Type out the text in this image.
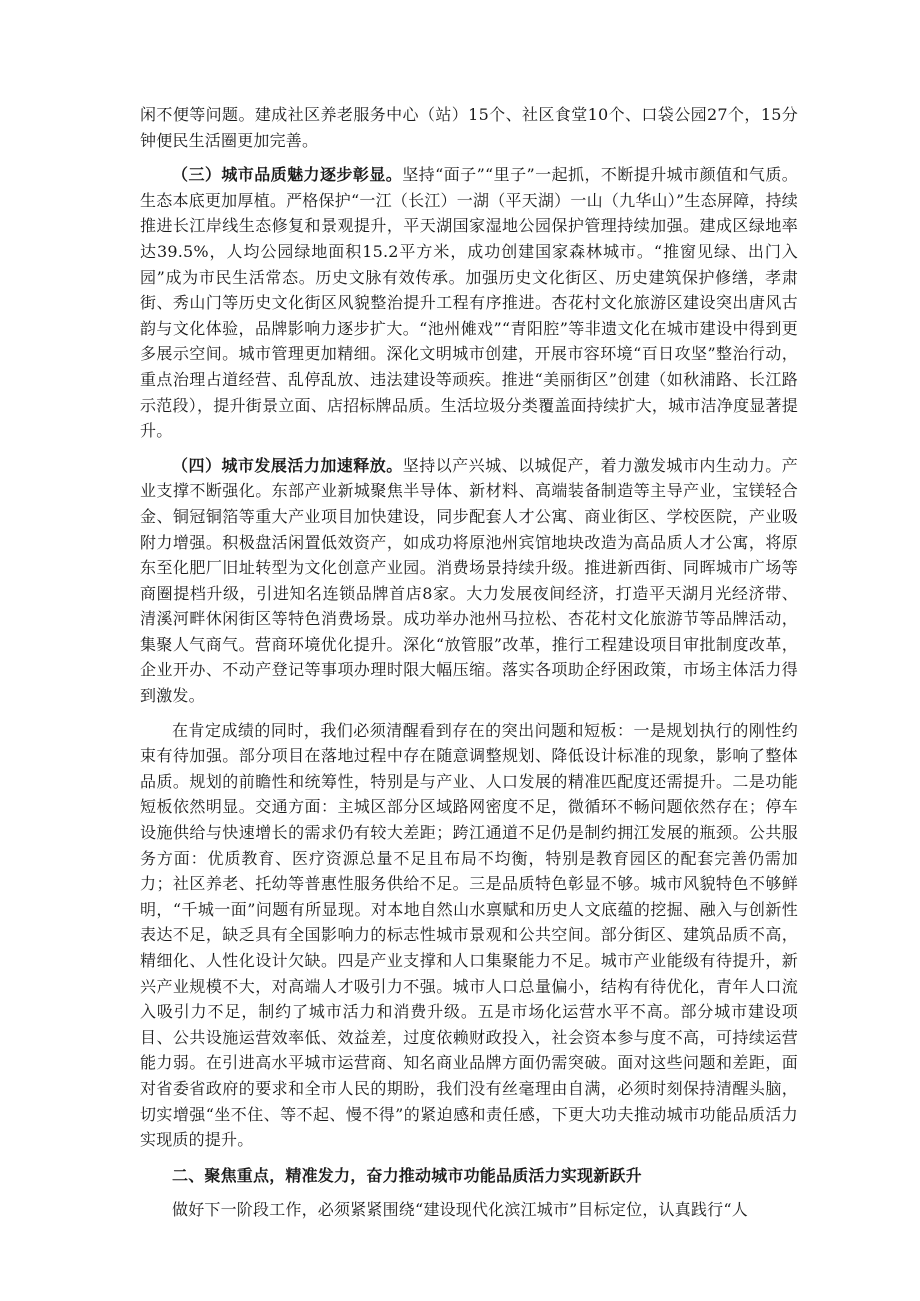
闲不便等问题。建成社区养老服务中心（站）15个、社区食堂10个、口袋公园27个，15分钟便民生活圈更加完善。

（三）城市品质魅力逐步彰显。坚持“面子”“里子”一起抓，不断提升城市颜值和气质。生态本底更加厚植。严格保护“一江（长江）一湖（平天湖）一山（九华山）”生态屏障，持续推进长江岸线生态修复和景观提升，平天湖国家湿地公园保护管理持续加强。建成区绿地率达39.5%，人均公园绿地面积15.2平方米，成功创建国家森林城市。“推窗见绿、出门入园”成为市民生活常态。历史文脉有效传承。加强历史文化街区、历史建筑保护修缮，孝肃街、秀山门等历史文化街区风貌整治提升工程有序推进。杏花村文化旅游区建设突出唐风古韵与文化体验，品牌影响力逐步扩大。“池州傩戏”“青阳腔”等非遗文化在城市建设中得到更多展示空间。城市管理更加精细。深化文明城市创建，开展市容环境“百日攻坚”整治行动，重点治理占道经营、乱停乱放、违法建设等顽疾。推进“美丽街区”创建（如秋浦路、长江路示范段），提升街景立面、店招标牌品质。生活垃圾分类覆盖面持续扩大，城市洁净度显著提升。

（四）城市发展活力加速释放。坚持以产兴城、以城促产，着力激发城市内生动力。产业支撑不断强化。东部产业新城聚焦半导体、新材料、高端装备制造等主导产业，宝镁轻合金、铜冠铜箔等重大产业项目加快建设，同步配套人才公寓、商业街区、学校医院，产业吸附力增强。积极盘活闲置低效资产，如成功将原池州宾馆地块改造为高品质人才公寓，将原东至化肥厂旧址转型为文化创意产业园。消费场景持续升级。推进新西街、同晖城市广场等商圈提档升级，引进知名连锁品牌首店8家。大力发展夜间经济，打造平天湖月光经济带、清溪河畔休闲街区等特色消费场景。成功举办池州马拉松、杏花村文化旅游节等品牌活动，集聚人气商气。营商环境优化提升。深化“放管服”改革，推行工程建设项目审批制度改革，企业开办、不动产登记等事项办理时限大幅压缩。落实各项助企纾困政策，市场主体活力得到激发。

在肯定成绩的同时，我们必须清醒看到存在的突出问题和短板：一是规划执行的刚性约束有待加强。部分项目在落地过程中存在随意调整规划、降低设计标准的现象，影响了整体品质。规划的前瞻性和统筹性，特别是与产业、人口发展的精准匹配度还需提升。二是功能短板依然明显。交通方面：主城区部分区域路网密度不足，微循环不畅问题依然存在；停车设施供给与快速增长的需求仍有较大差距；跨江通道不足仍是制约拥江发展的瓶颈。公共服务方面：优质教育、医疗资源总量不足且布局不均衡，特别是教育园区的配套完善仍需加力；社区养老、托幼等普惠性服务供给不足。三是品质特色彰显不够。城市风貌特色不够鲜明，“千城一面”问题有所显现。对本地自然山水禀赋和历史人文底蕴的挖掘、融入与创新性表达不足，缺乏具有全国影响力的标志性城市景观和公共空间。部分街区、建筑品质不高，精细化、人性化设计欠缺。四是产业支撑和人口集聚能力不足。城市产业能级有待提升，新兴产业规模不大，对高端人才吸引力不强。城市人口总量偏小，结构有待优化，青年人口流入吸引力不足，制约了城市活力和消费升级。五是市场化运营水平不高。部分城市建设项目、公共设施运营效率低、效益差，过度依赖财政投入，社会资本参与度不高，可持续运营能力弱。在引进高水平城市运营商、知名商业品牌方面仍需突破。面对这些问题和差距，面对省委省政府的要求和全市人民的期盼，我们没有丝毫理由自满，必须时刻保持清醒头脑，切实增强“坐不住、等不起、慢不得”的紧迫感和责任感，下更大功夫推动城市功能品质活力实现质的提升。

二、聚焦重点，精准发力，奋力推动城市功能品质活力实现新跃升

做好下一阶段工作，必须紧紧围绕“建设现代化滨江城市”目标定位，认真践行“人
